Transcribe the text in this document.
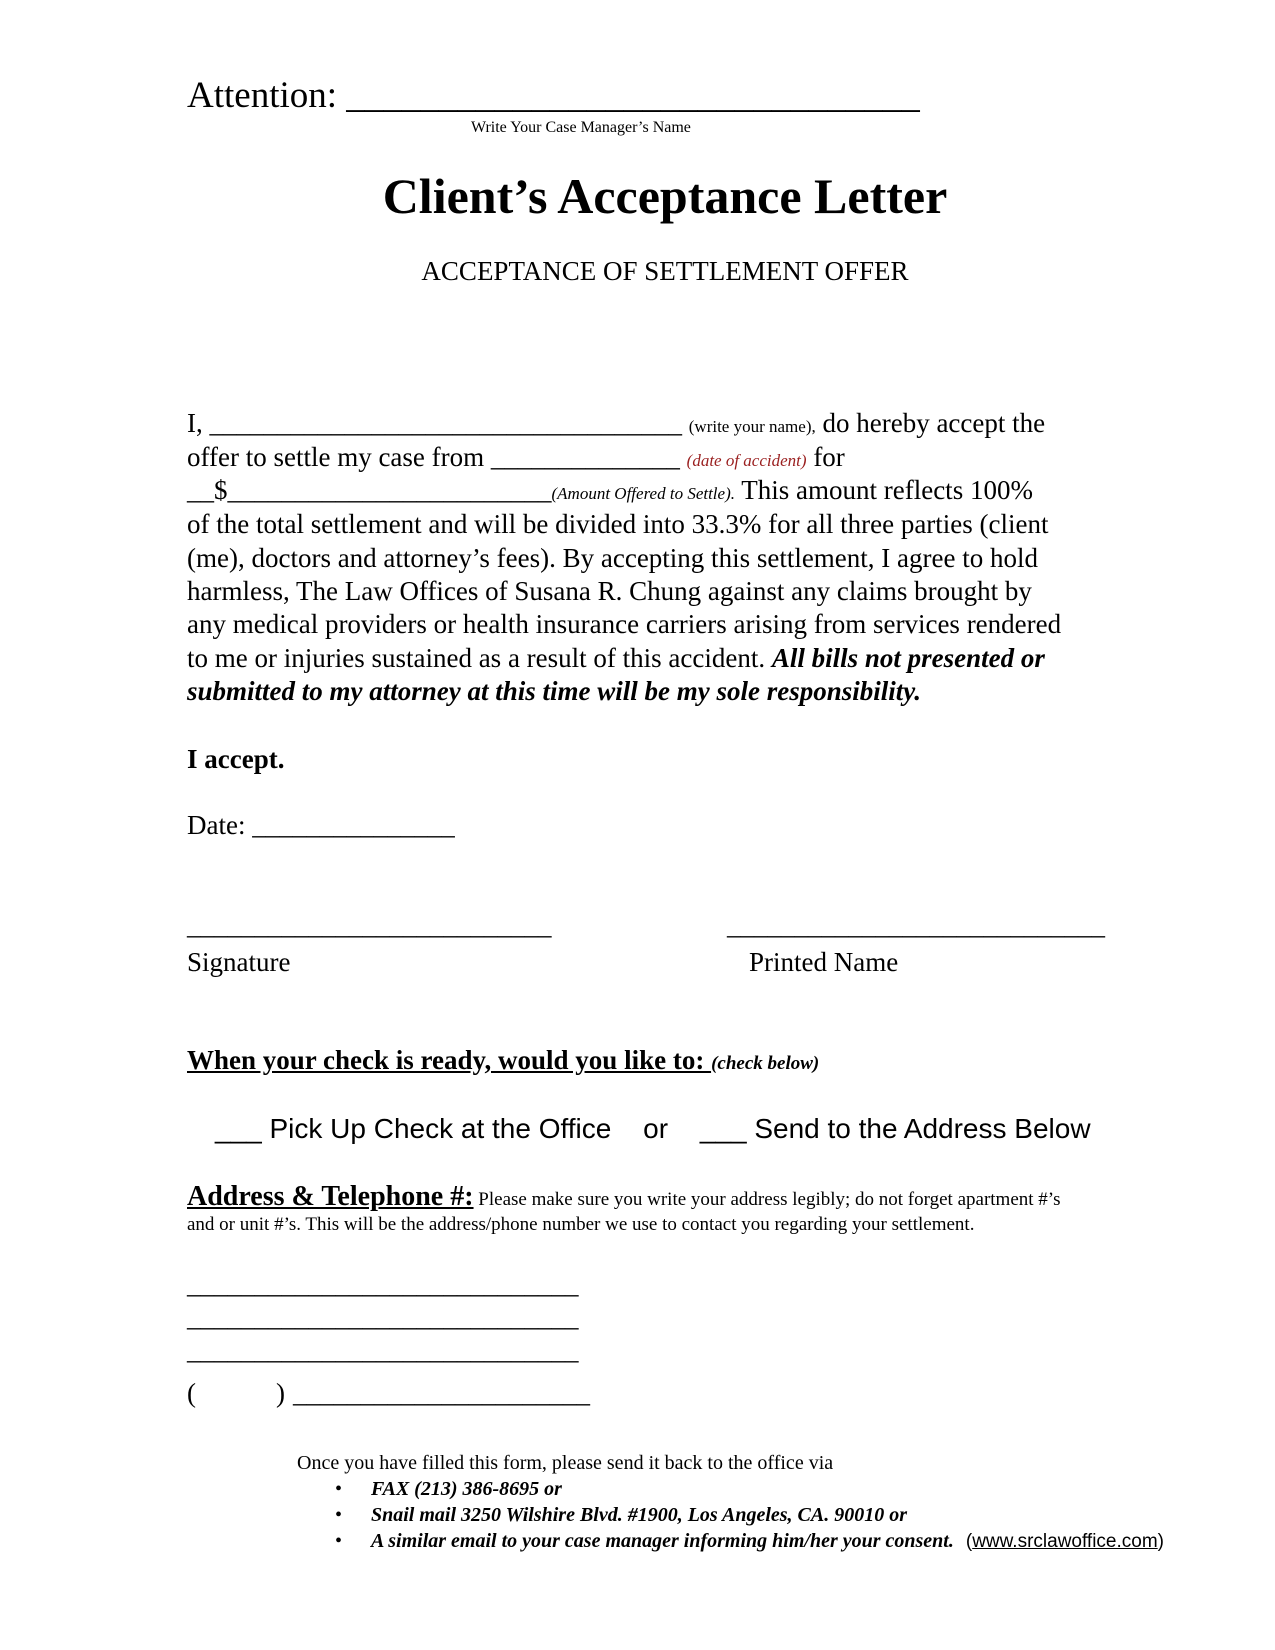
Attention: _______________________________
Write Your Case Manager’s Name
Client’s Acceptance Letter
ACCEPTANCE OF SETTLEMENT OFFER
I, ___________________________________ (write your name), do hereby accept the
offer to settle my case from ______________ (date of accident) for
__$________________________(Amount Offered to Settle). This amount reflects 100%
of the total settlement and will be divided into 33.3% for all three parties (client
(me), doctors and attorney’s fees). By accepting this settlement, I agree to hold
harmless, The Law Offices of Susana R. Chung against any claims brought by
any medical providers or health insurance carriers arising from services rendered
to me or injuries sustained as a result of this accident. All bills not presented or
submitted to my attorney at this time will be my sole responsibility.
I accept.
Date: _______________
___________________________
Signature
____________________________
Printed Name
When your check is ready, would you like to: (check below)
___ Pick Up Check at the Office or ___ Send to the Address Below
Address & Telephone #: Please make sure you write your address legibly; do not forget apartment #’s
and or unit #’s. This will be the address/phone number we use to contact you regarding your settlement.
_____________________________
_____________________________
_____________________________
(	) ______________________
Once you have filled this form, please send it back to the office via
• FAX (213) 386-8695 or
• Snail mail 3250 Wilshire Blvd. #1900, Los Angeles, CA. 90010 or
• A similar email to your case manager informing him/her your consent. (www.srclawoffice.com)
